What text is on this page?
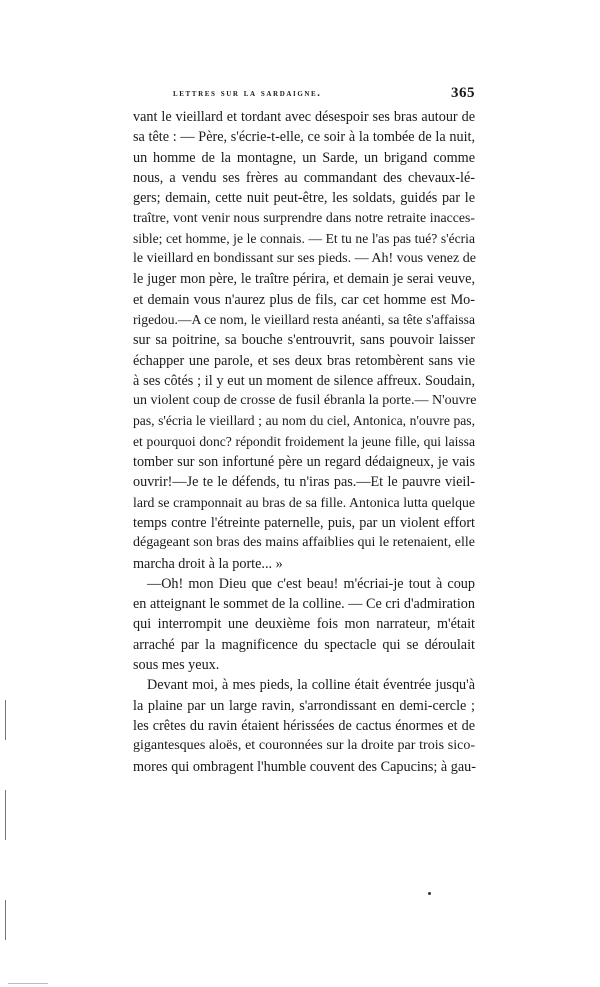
lettres sur la sardaigne.	365
vant le vieillard et tordant avec désespoir ses bras autour de
sa tête : — Père, s'écrie-t-elle, ce soir à la tombée de la nuit,
un homme de la montagne, un Sarde, un brigand comme
nous, a vendu ses frères au commandant des chevaux-lé-
gers; demain, cette nuit peut-être, les soldats, guidés par le
traître, vont venir nous surprendre dans notre retraite inacces-
sible; cet homme, je le connais. — Et tu ne l'as pas tué? s'écria
le vieillard en bondissant sur ses pieds. — Ah! vous venez de
le juger mon père, le traître périra, et demain je serai veuve,
et demain vous n'aurez plus de fils, car cet homme est Mo-
rigedou.—A ce nom, le vieillard resta anéanti, sa tête s'affaissa
sur sa poitrine, sa bouche s'entrouvrit, sans pouvoir laisser
échapper une parole, et ses deux bras retombèrent sans vie
à ses côtés ; il y eut un moment de silence affreux. Soudain,
un violent coup de crosse de fusil ébranla la porte.— N'ouvre
pas, s'écria le vieillard ; au nom du ciel, Antonica, n'ouvre pas,
et pourquoi donc? répondit froidement la jeune fille, qui laissa
tomber sur son infortuné père un regard dédaigneux, je vais
ouvrir!—Je te le défends, tu n'iras pas.—Et le pauvre vieil-
lard se cramponnait au bras de sa fille. Antonica lutta quelque
temps contre l'étreinte paternelle, puis, par un violent effort
dégageant son bras des mains affaiblies qui le retenaient, elle
marcha droit à la porte... »
—Oh! mon Dieu que c'est beau! m'écriai-je tout à coup
en atteignant le sommet de la colline. — Ce cri d'admiration
qui interrompit une deuxième fois mon narrateur, m'était
arraché par la magnificence du spectacle qui se déroulait
sous mes yeux.
Devant moi, à mes pieds, la colline était éventrée jusqu'à
la plaine par un large ravin, s'arrondissant en demi-cercle ;
les crêtes du ravin étaient hérissées de cactus énormes et de
gigantesques aloës, et couronnées sur la droite par trois sico-
mores qui ombragent l'humble couvent des Capucins; à gau-
